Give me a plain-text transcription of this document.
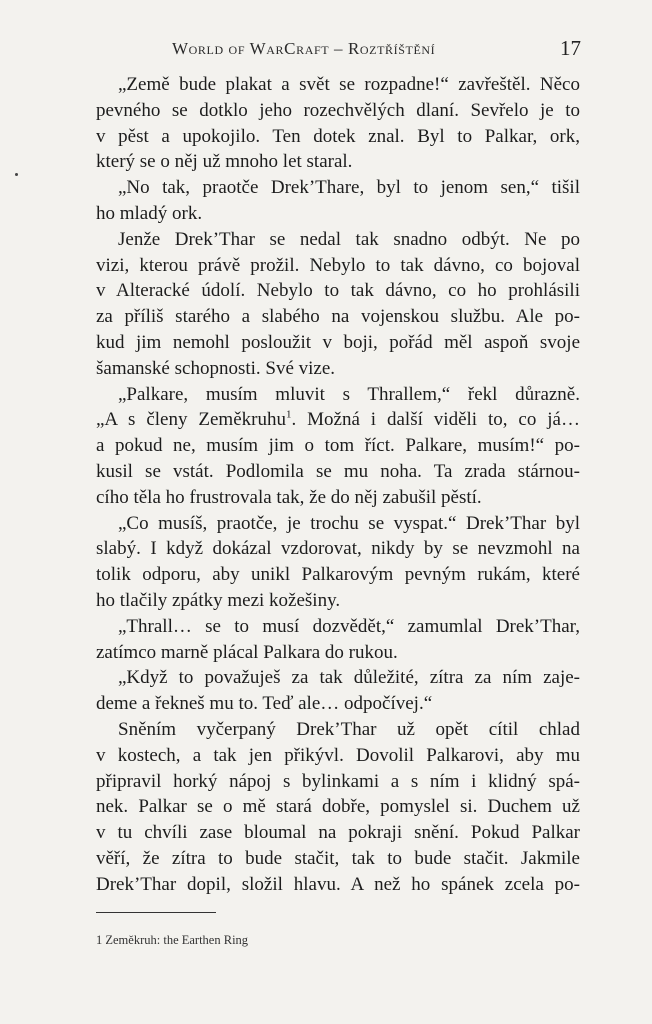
World of WarCraft – Roztříštění	17
„Země bude plakat a svět se rozpadne!“ zavřeštěl. Něco
pevného se dotklo jeho rozechvělých dlaní. Sevřelo je to
v pěst a upokojilo. Ten dotek znal. Byl to Palkar, ork,
který se o něj už mnoho let staral.
„No tak, praotče Drek’Thare, byl to jenom sen,“ tišil
ho mladý ork.
Jenže Drek’Thar se nedal tak snadno odbýt. Ne po
vizi, kterou právě prožil. Nebylo to tak dávno, co bojoval
v Alteracké údolí. Nebylo to tak dávno, co ho prohlásili
za příliš starého a slabého na vojenskou službu. Ale po-
kud jim nemohl posloužit v boji, pořád měl aspoň svoje
šamanské schopnosti. Své vize.
„Palkare, musím mluvit s Thrallem,“ řekl důrazně.
„A s členy Zeměkruhu$^1$. Možná i další viděli to, co já…
a pokud ne, musím jim o tom říct. Palkare, musím!“ po-
kusil se vstát. Podlomila se mu noha. Ta zrada stárnou-
cího těla ho frustrovala tak, že do něj zabušil pěstí.
„Co musíš, praotče, je trochu se vyspat.“ Drek’Thar byl
slabý. I když dokázal vzdorovat, nikdy by se nevzmohl na
tolik odporu, aby unikl Palkarovým pevným rukám, které
ho tlačily zpátky mezi kožešiny.
„Thrall… se to musí dozvědět,“ zamumlal Drek’Thar,
zatímco marně plácal Palkara do rukou.
„Když to považuješ za tak důležité, zítra za ním zaje-
deme a řekneš mu to. Teď ale… odpočívej.“
Sněním vyčerpaný Drek’Thar už opět cítil chlad
v kostech, a tak jen přikývl. Dovolil Palkarovi, aby mu
připravil horký nápoj s bylinkami a s ním i klidný spá-
nek. Palkar se o mě stará dobře, pomyslel si. Duchem už
v tu chvíli zase bloumal na pokraji snění. Pokud Palkar
věří, že zítra to bude stačit, tak to bude stačit. Jakmile
Drek’Thar dopil, složil hlavu. A než ho spánek zcela po-
1 Zeměkruh: the Earthen Ring
